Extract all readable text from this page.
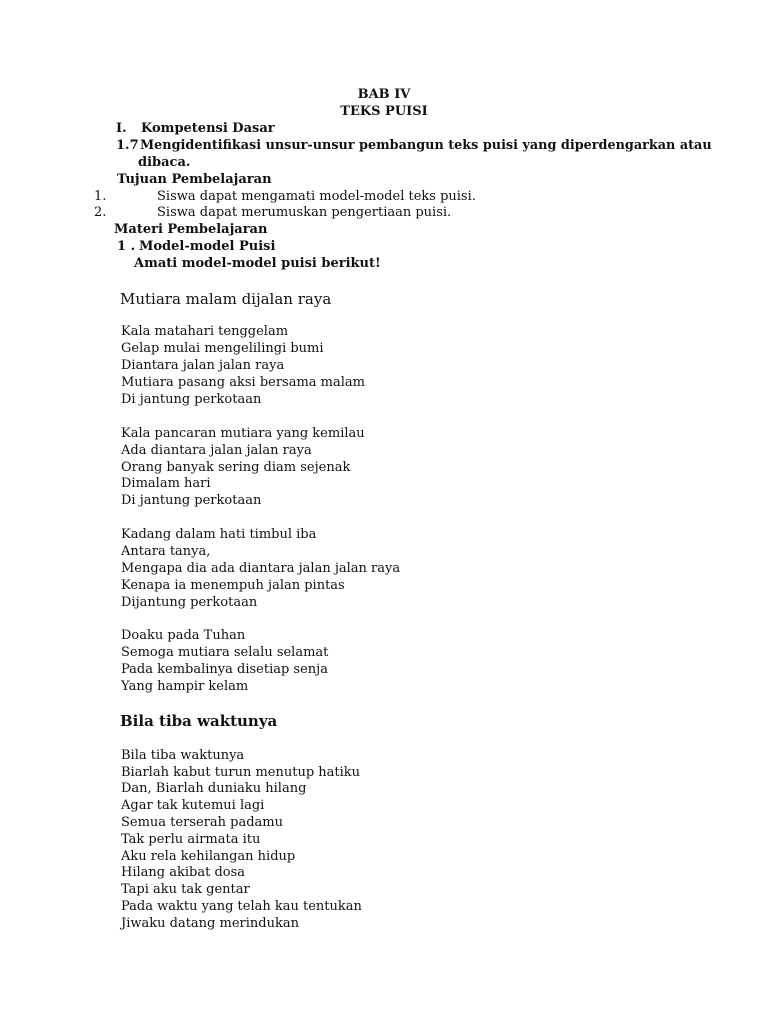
BAB IV
TEKS PUISI
I. Kompetensi Dasar
1.7 Mengidentifikasi unsur-unsur pembangun teks puisi yang diperdengarkan atau
dibaca.
Tujuan Pembelajaran
1.	Siswa dapat mengamati model-model teks puisi.
2.	Siswa dapat merumuskan pengertiaan puisi.
Materi Pembelajaran
1 . Model-model Puisi
Amati model-model puisi berikut!
Mutiara malam dijalan raya
Kala matahari tenggelam
Gelap mulai mengelilingi bumi
Diantara jalan jalan raya
Mutiara pasang aksi bersama malam
Di jantung perkotaan
Kala pancaran mutiara yang kemilau
Ada diantara jalan jalan raya
Orang banyak sering diam sejenak
Dimalam hari
Di jantung perkotaan
Kadang dalam hati timbul iba
Antara tanya,
Mengapa dia ada diantara jalan jalan raya
Kenapa ia menempuh jalan pintas
Dijantung perkotaan
Doaku pada Tuhan
Semoga mutiara selalu selamat
Pada kembalinya disetiap senja
Yang hampir kelam
Bila tiba waktunya
Bila tiba waktunya
Biarlah kabut turun menutup hatiku
Dan, Biarlah duniaku hilang
Agar tak kutemui lagi
Semua terserah padamu
Tak perlu airmata itu
Aku rela kehilangan hidup
Hilang akibat dosa
Tapi aku tak gentar
Pada waktu yang telah kau tentukan
Jiwaku datang merindukan
